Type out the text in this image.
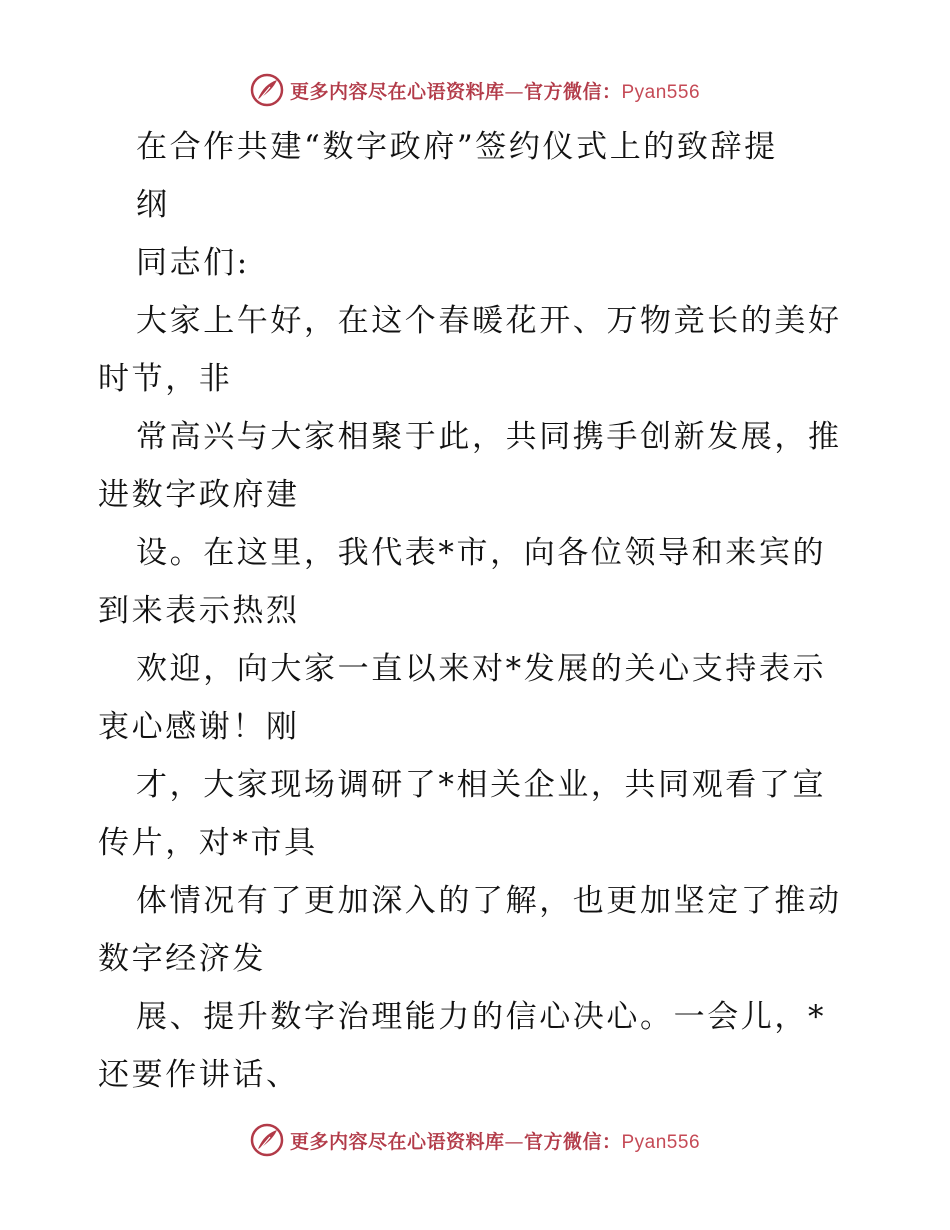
更多内容尽在心语资料库—官方微信：Pyan556
在合作共建“数字政府”签约仪式上的致辞提
纲
同志们:
大家上午好，在这个春暖花开、万物竞长的美好
时节，非
常高兴与大家相聚于此，共同携手创新发展，推
进数字政府建
设。在这里，我代表*市，向各位领导和来宾的
到来表示热烈
欢迎，向大家一直以来对*发展的关心支持表示
衷心感谢！刚
才，大家现场调研了*相关企业，共同观看了宣
传片，对*市具
体情况有了更加深入的了解，也更加坚定了推动
数字经济发
展、提升数字治理能力的信心决心。一会儿，*
还要作讲话、
更多内容尽在心语资料库—官方微信：Pyan556
